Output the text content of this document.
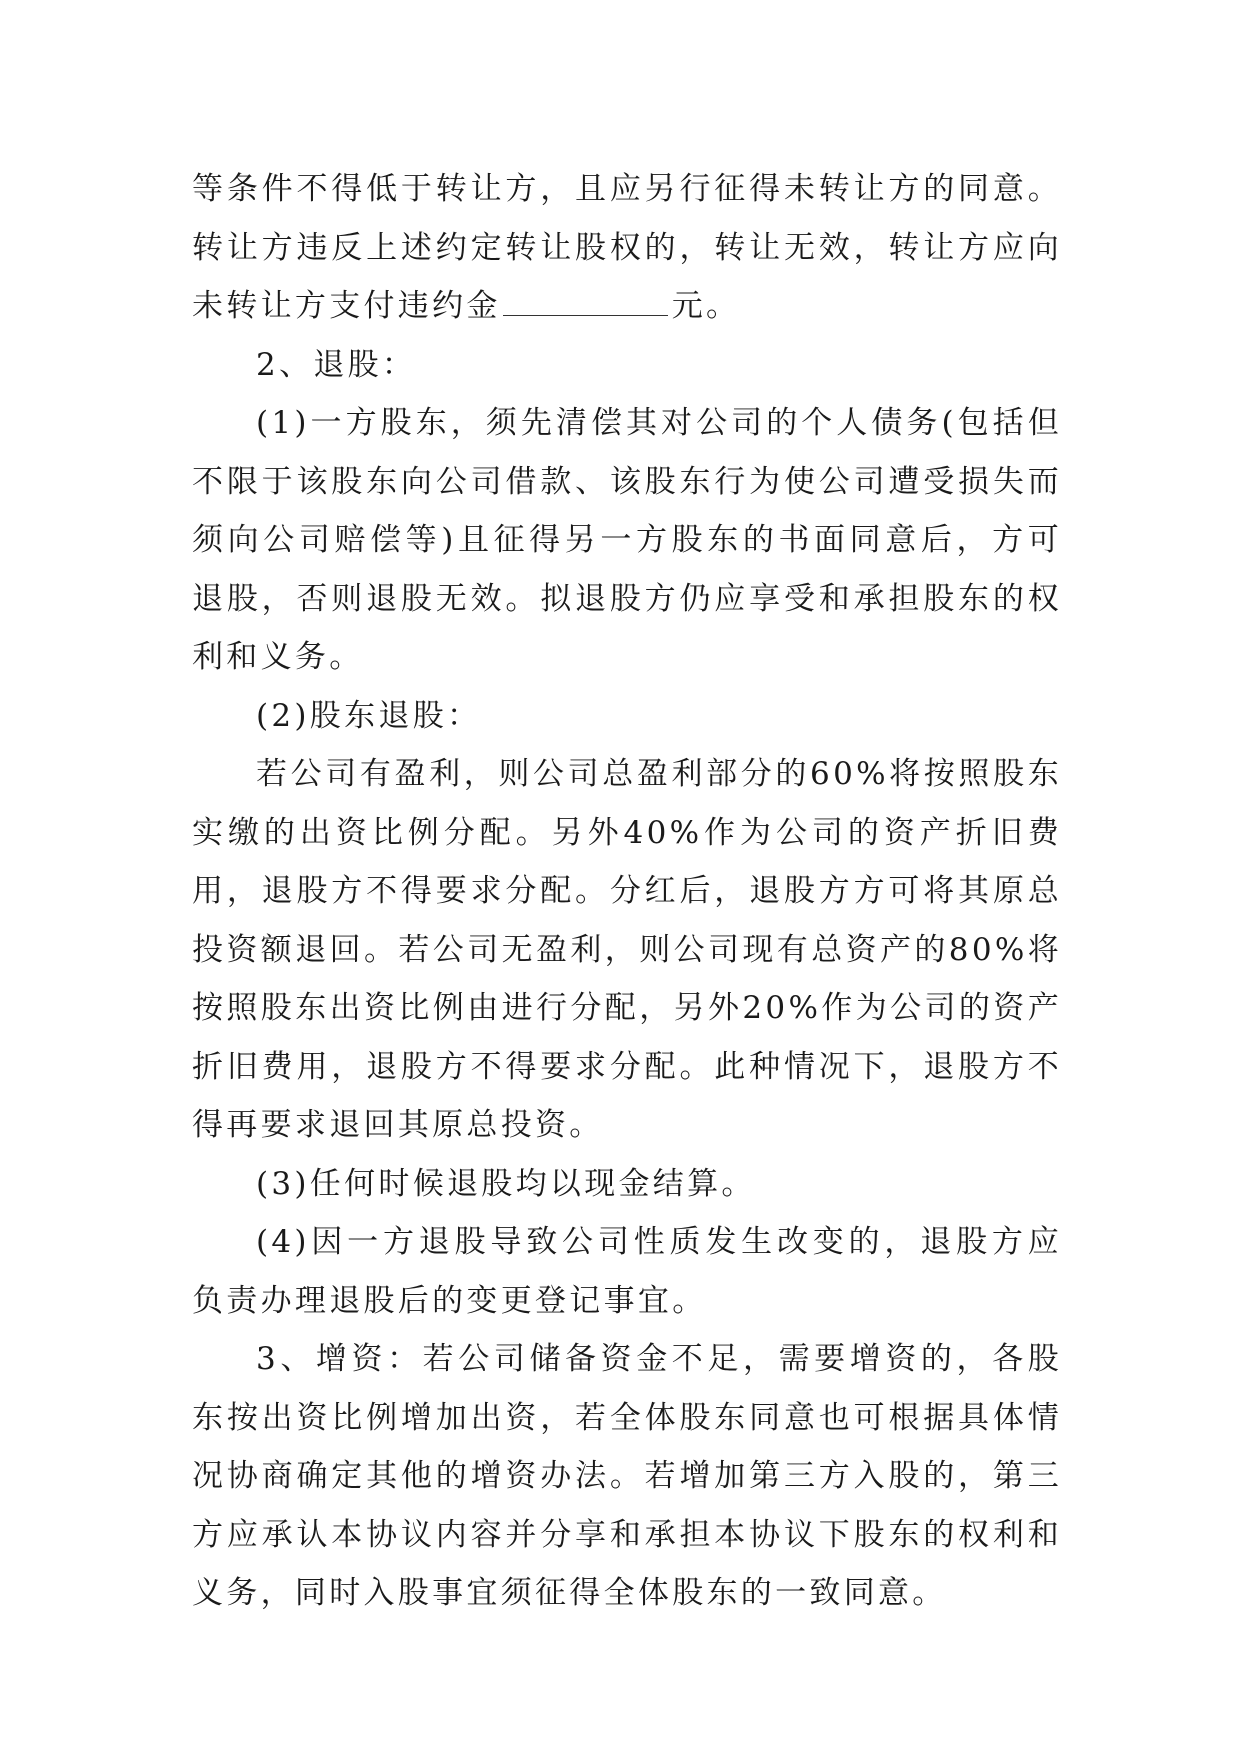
等条件不得低于转让方，且应另行征得未转让方的同意。转让方违反上述约定转让股权的，转让无效，转让方应向未转让方支付违约金	元。

2、退股：

(1)一方股东，须先清偿其对公司的个人债务(包括但不限于该股东向公司借款、该股东行为使公司遭受损失而须向公司赔偿等)且征得另一方股东的书面同意后，方可退股，否则退股无效。拟退股方仍应享受和承担股东的权利和义务。

(2)股东退股：

若公司有盈利，则公司总盈利部分的60%将按照股东实缴的出资比例分配。另外40%作为公司的资产折旧费用，退股方不得要求分配。分红后，退股方方可将其原总投资额退回。若公司无盈利，则公司现有总资产的80%将按照股东出资比例由进行分配，另外20%作为公司的资产折旧费用，退股方不得要求分配。此种情况下，退股方不得再要求退回其原总投资。

(3)任何时候退股均以现金结算。

(4)因一方退股导致公司性质发生改变的，退股方应负责办理退股后的变更登记事宜。

3、增资：若公司储备资金不足，需要增资的，各股东按出资比例增加出资，若全体股东同意也可根据具体情况协商确定其他的增资办法。若增加第三方入股的，第三方应承认本协议内容并分享和承担本协议下股东的权利和义务，同时入股事宜须征得全体股东的一致同意。
